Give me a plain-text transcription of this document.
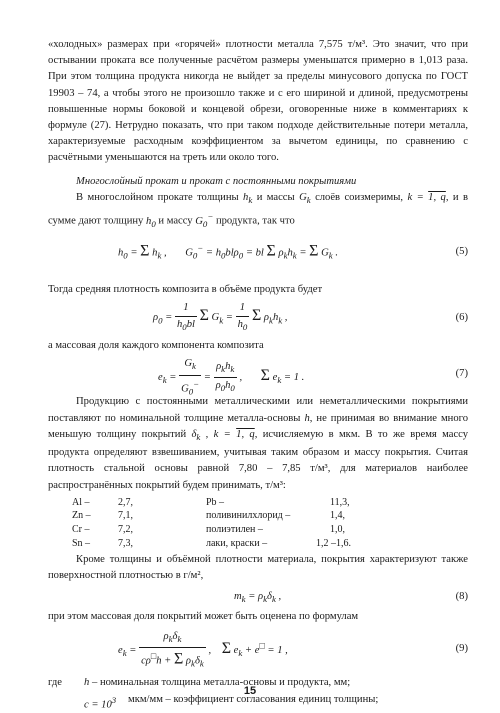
«холодных» размерах при «горячей» плотности металла 7,575 т/м³. Это значит, что при остывании проката все полученные расчётом размеры уменьшатся примерно в 1,013 раза. При этом толщина продукта никогда не выйдет за пределы минусового допуска по ГОСТ 19903 – 74, а чтобы этого не произошло также и с его шириной и длиной, предусмотрены повышенные нормы боковой и концевой обрези, оговоренные ниже в комментариях к формуле (27). Нетрудно показать, что при таком подходе действительные потери металла, характеризуемые расходным коэффициентом за вычетом единицы, по сравнению с расчётными уменьшаются на треть или около того.

Многослойный прокат и прокат с постоянными покрытиями

В многослойном прокате толщины $h_k$ и массы $G_k$ слоёв соизмеримы, k = 1, q, и в сумме дают толщину $h_0$ и массу $G_0^-$ продукта, так что

$h_0 = \Sigma$ $h_k$ ,       $G_0^- = h_0bl\rho_0$ = bl Σ $\rho_kh_k = \Sigma$ $G_k$ .	(5)

Тогда средняя плотность композита в объёме продукта будет

$\rho_0 = \frac{1}{h_0bl}$ Σ $G_k = \frac{1}{h_0}$ Σ $\rho_kh_k$ ,	(6)

а массовая доля каждого компонента композита

$e_k = \frac{G_k}{G_0^-} = \frac{\rho_kh_k}{\rho_0h_0}$ ,       Σ $e_k = 1$ .	(7)

Продукцию с постоянными металлическими или неметаллическими покрытиями поставляют по номинальной толщине металла-основы h, не принимая во внимание много меньшую толщину покрытий $\delta_k$ , k = 1, q, исчисляемую в мкм. В то же время массу продукта определяют взвешиванием, учитывая таким образом и массу покрытия. Считая плотность стальной основы равной 7,80 – 7,85 т/м³, для материалов наиболее распространённых покрытий будем принимать, т/м³:

Al –	2,7,	Pb –	11,3,
Zn –	7,1,	поливинилхлорид –	1,4,
Cr –	7,2,	полиэтилен –	1,0,
Sn –	7,3,	лаки, краски –	1,2 –1,6.

Кроме толщины и объёмной плотности материала, покрытия характеризуют также поверхностной плотностью в г/м²,

$m_k = \rho_k\delta_k$ ,	(8)

при этом массовая доля покрытий может быть оценена по формулам

$e_k = \frac{\rho_k\delta_k}{c\rho^□h + \Sigma \rho_k\delta_k}$ ,    Σ $e_k + e^□ = 1$ ,	(9)
где h – номинальная толщина металла-основы и продукта, мм;
$c = 10^3$ мкм/мм – коэффициент согласования единиц толщины;
15
